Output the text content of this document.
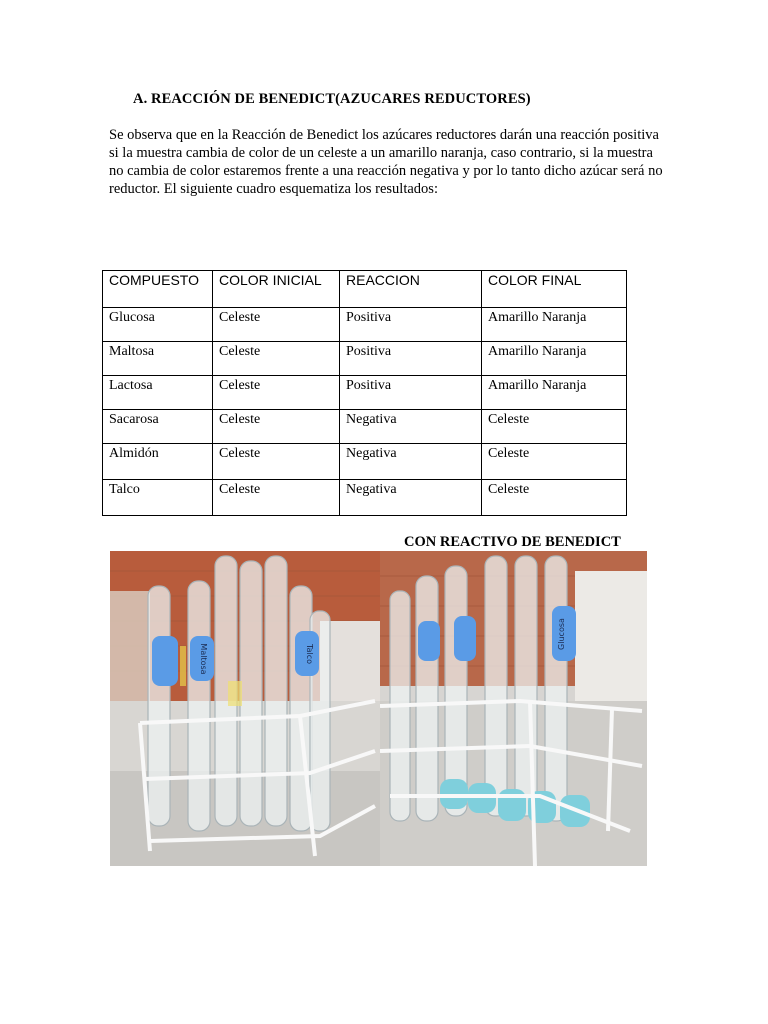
A. REACCIÓN DE BENEDICT(AZUCARES REDUCTORES)

Se observa que en la Reacción de Benedict los azúcares reductores darán una reacción positiva si la muestra cambia de color de un celeste a un amarillo naranja, caso contrario, si la muestra no cambia de color estaremos frente a una reacción negativa y por lo tanto dicho azúcar será no reductor. El siguiente cuadro esquematiza los resultados:

COMPUESTO	COLOR INICIAL	REACCION	COLOR FINAL
Glucosa	Celeste	Positiva	Amarillo Naranja
Maltosa	Celeste	Positiva	Amarillo Naranja
Lactosa	Celeste	Positiva	Amarillo Naranja
Sacarosa	Celeste	Negativa	Celeste
Almidón	Celeste	Negativa	Celeste
Talco	Celeste	Negativa	Celeste
CON REACTIVO DE BENEDICT
Maltosa	Talco
Glucosa
